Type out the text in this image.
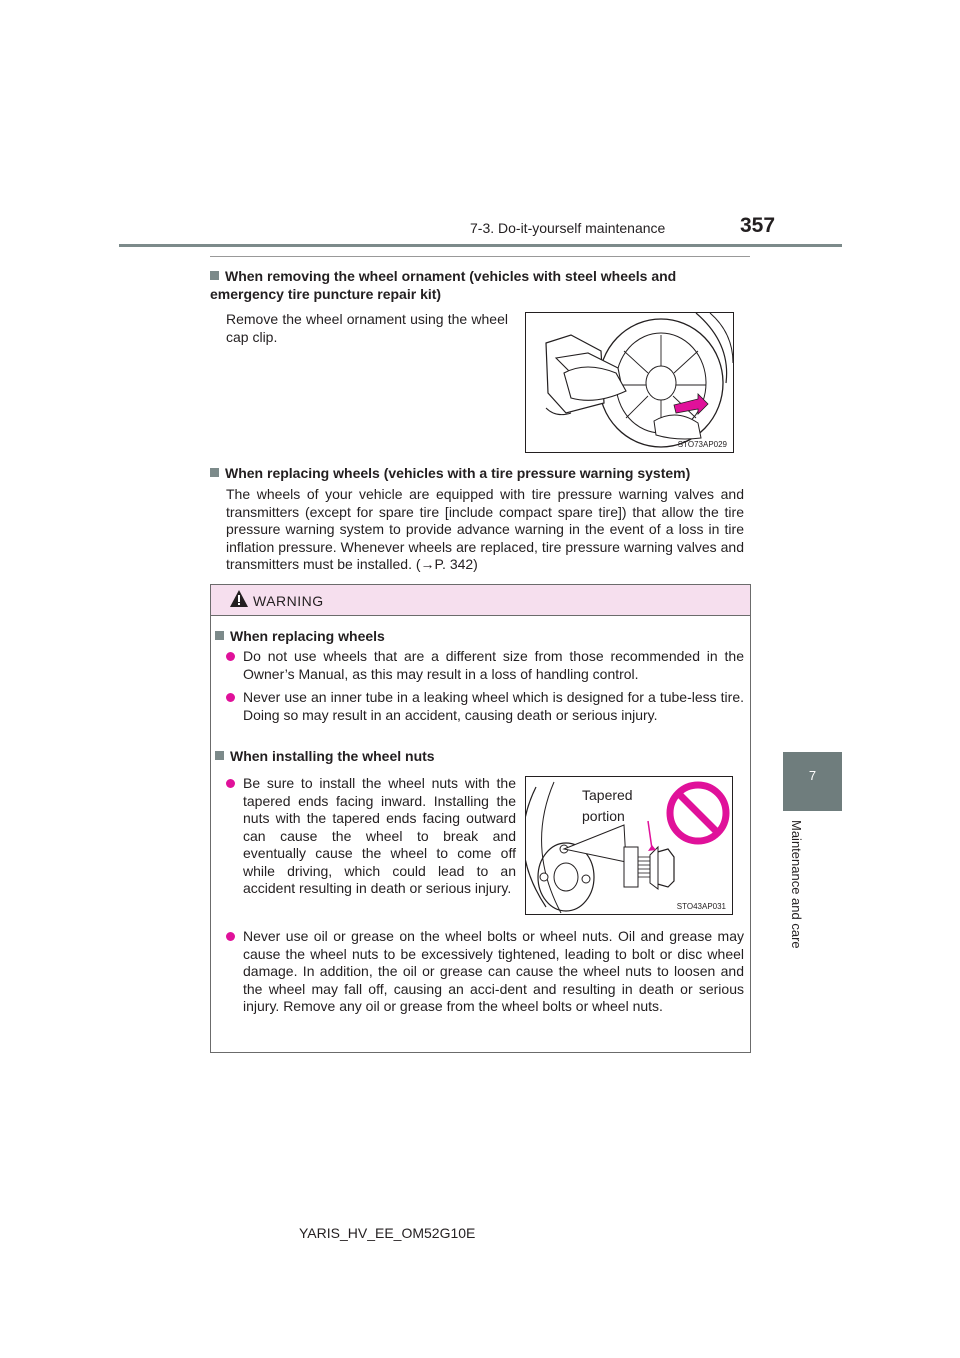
7-3. Do-it-yourself maintenance	357
7
Maintenance and care
When removing the wheel ornament (vehicles with steel wheels and emergency tire puncture repair kit)
Remove the wheel ornament using the wheel cap clip.
STO73AP029
When replacing wheels (vehicles with a tire pressure warning system)
The wheels of your vehicle are equipped with tire pressure warning valves and transmitters (except for spare tire [include compact spare tire]) that allow the tire pressure warning system to provide advance warning in the event of a loss in tire inflation pressure. Whenever wheels are replaced, tire pressure warning valves and transmitters must be installed. (→P. 342)
WARNING
When replacing wheels
Do not use wheels that are a different size from those recommended in the Owner’s Manual, as this may result in a loss of handling control.
Never use an inner tube in a leaking wheel which is designed for a tube-less tire. Doing so may result in an accident, causing death or serious injury.
When installing the wheel nuts
Be sure to install the wheel nuts with the tapered ends facing inward. Installing the nuts with the tapered ends facing outward can cause the wheel to break and eventually cause the wheel to come off while driving, which could lead to an accident resulting in death or serious injury.
Tapered
portion
STO43AP031
Never use oil or grease on the wheel bolts or wheel nuts. Oil and grease may cause the wheel nuts to be excessively tightened, leading to bolt or disc wheel damage. In addition, the oil or grease can cause the wheel nuts to loosen and the wheel may fall off, causing an acci-dent and resulting in death or serious injury. Remove any oil or grease from the wheel bolts or wheel nuts.
YARIS_HV_EE_OM52G10E
